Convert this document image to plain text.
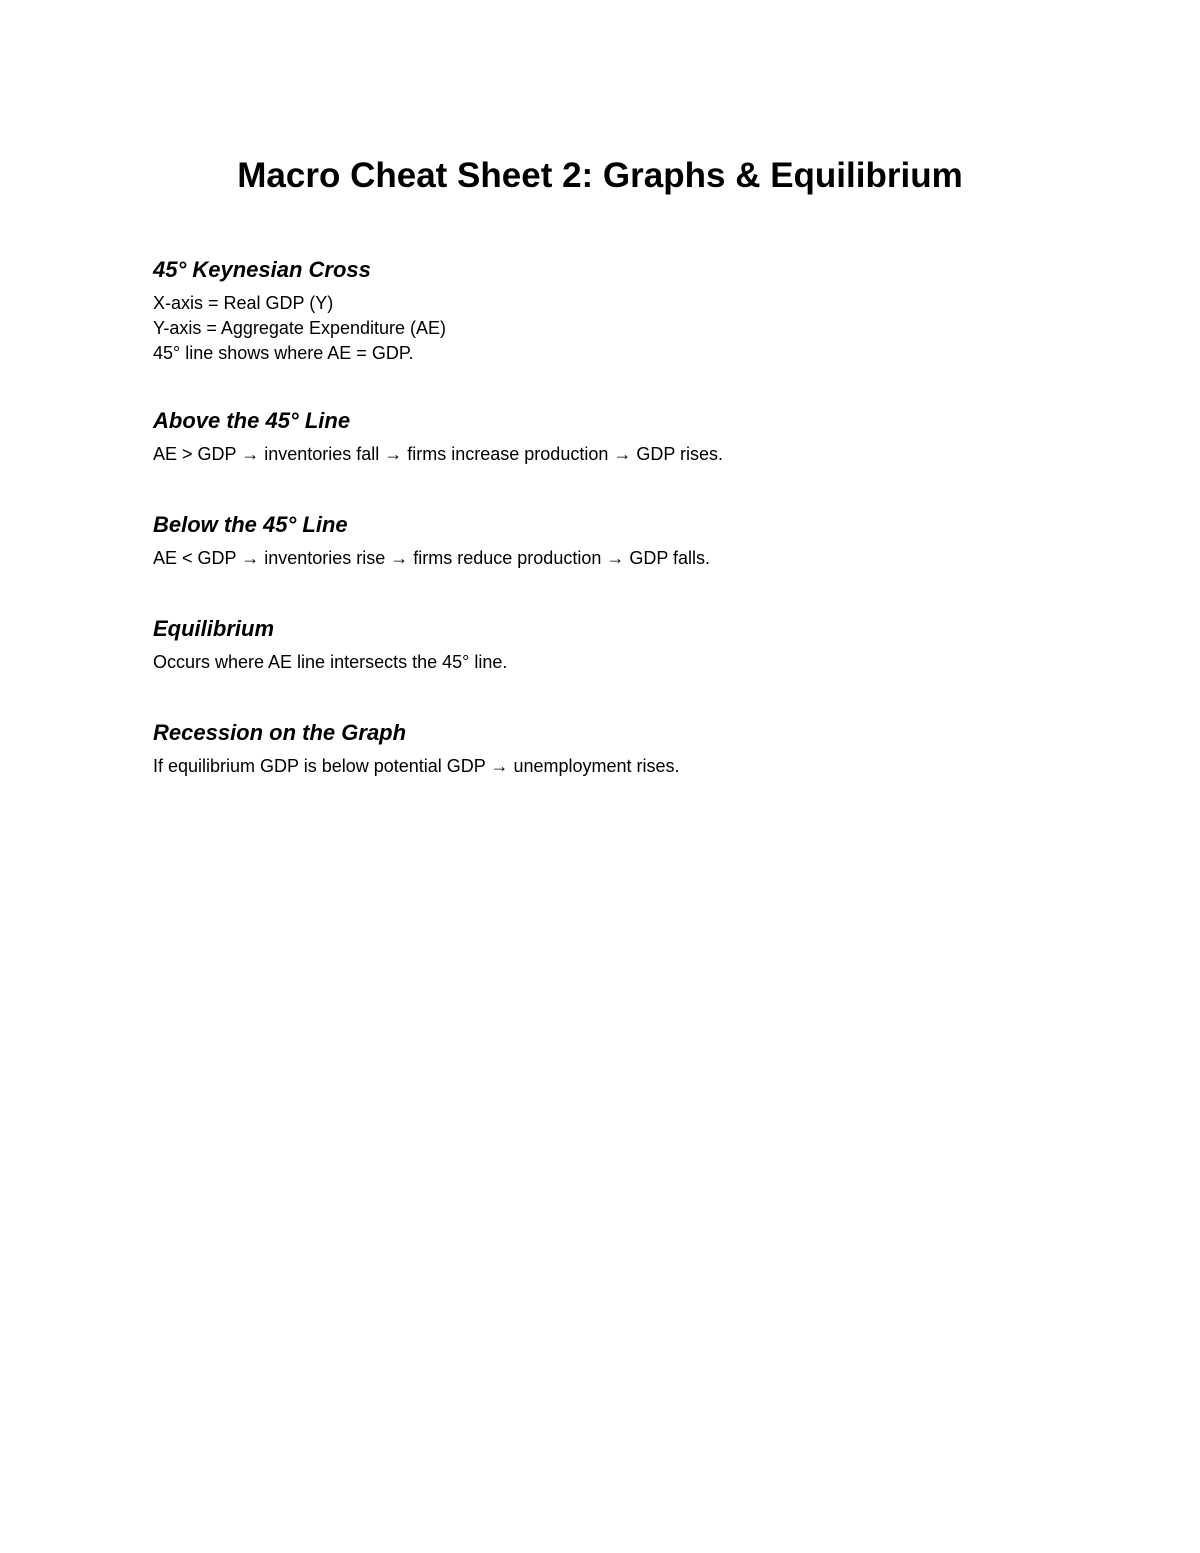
Macro Cheat Sheet 2: Graphs & Equilibrium
45° Keynesian Cross

X-axis = Real GDP (Y)

Y-axis = Aggregate Expenditure (AE)

45° line shows where AE = GDP.

Above the 45° Line

AE > GDP → inventories fall → firms increase production → GDP rises.

Below the 45° Line

AE < GDP → inventories rise → firms reduce production → GDP falls.

Equilibrium

Occurs where AE line intersects the 45° line.

Recession on the Graph

If equilibrium GDP is below potential GDP → unemployment rises.
